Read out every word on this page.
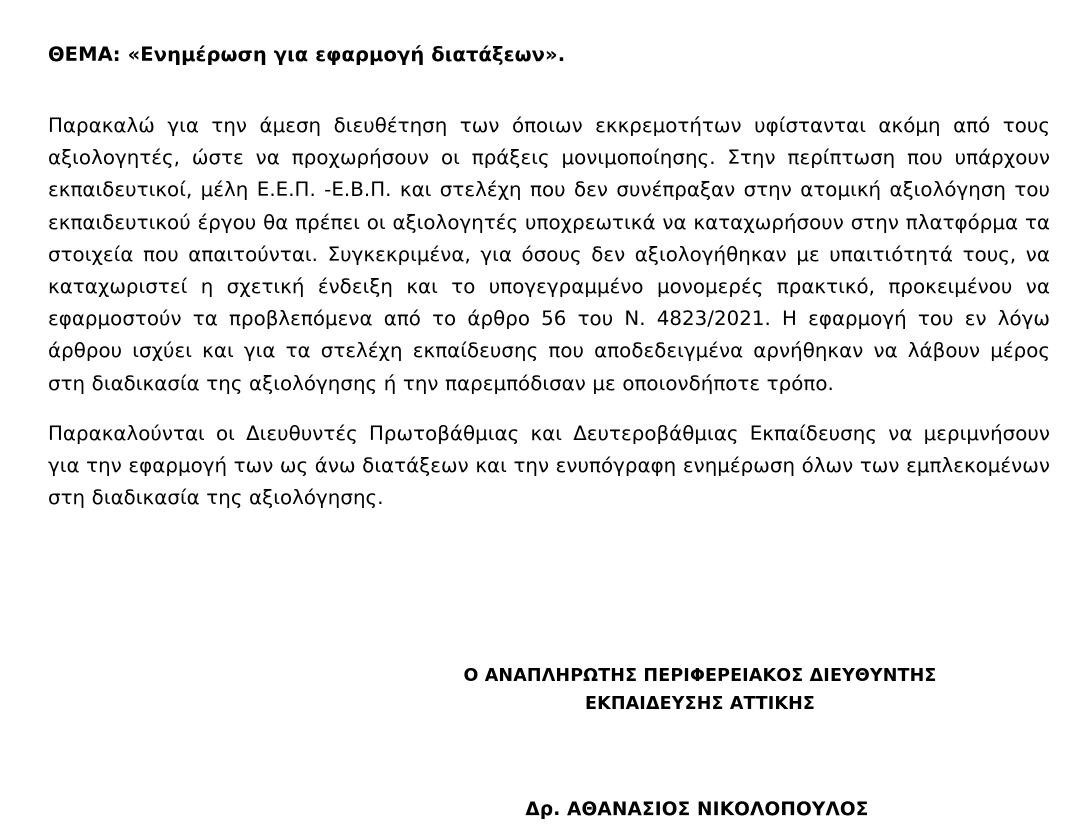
ΘΕΜΑ: «Ενημέρωση για εφαρμογή διατάξεων».

Παρακαλώ για την άμεση διευθέτηση των όποιων εκκρεμοτήτων υφίστανται ακόμη από τους αξιολογητές, ώστε να προχωρήσουν οι πράξεις μονιμοποίησης. Στην περίπτωση που υπάρχουν εκπαιδευτικοί, μέλη Ε.Ε.Π. -Ε.Β.Π. και στελέχη που δεν συνέπραξαν στην ατομική αξιολόγηση του εκπαιδευτικού έργου θα πρέπει οι αξιολογητές υποχρεωτικά να καταχωρήσουν στην πλατφόρμα τα στοιχεία που απαιτούνται. Συγκεκριμένα, για όσους δεν αξιολογήθηκαν με υπαιτιότητά τους, να καταχωριστεί η σχετική ένδειξη και το υπογεγραμμένο μονομερές πρακτικό, προκειμένου να εφαρμοστούν τα προβλεπόμενα από το άρθρο 56 του Ν. 4823/2021. Η εφαρμογή του εν λόγω άρθρου ισχύει και για τα στελέχη εκπαίδευσης που αποδεδειγμένα αρνήθηκαν να λάβουν μέρος στη διαδικασία της αξιολόγησης ή την παρεμπόδισαν με οποιονδήποτε τρόπο.

Παρακαλούνται οι Διευθυντές Πρωτοβάθμιας και Δευτεροβάθμιας Εκπαίδευσης να μεριμνήσουν για την εφαρμογή των ως άνω διατάξεων και την ενυπόγραφη ενημέρωση όλων των εμπλεκομένων στη διαδικασία της αξιολόγησης.

Ο ΑΝΑΠΛΗΡΩΤΗΣ ΠΕΡΙΦΕΡΕΙΑΚΟΣ ΔΙΕΥΘΥΝΤΗΣ
ΕΚΠΑΙΔΕΥΣΗΣ ΑΤΤΙΚΗΣ
Δρ. ΑΘΑΝΑΣΙΟΣ ΝΙΚΟΛΟΠΟΥΛΟΣ
